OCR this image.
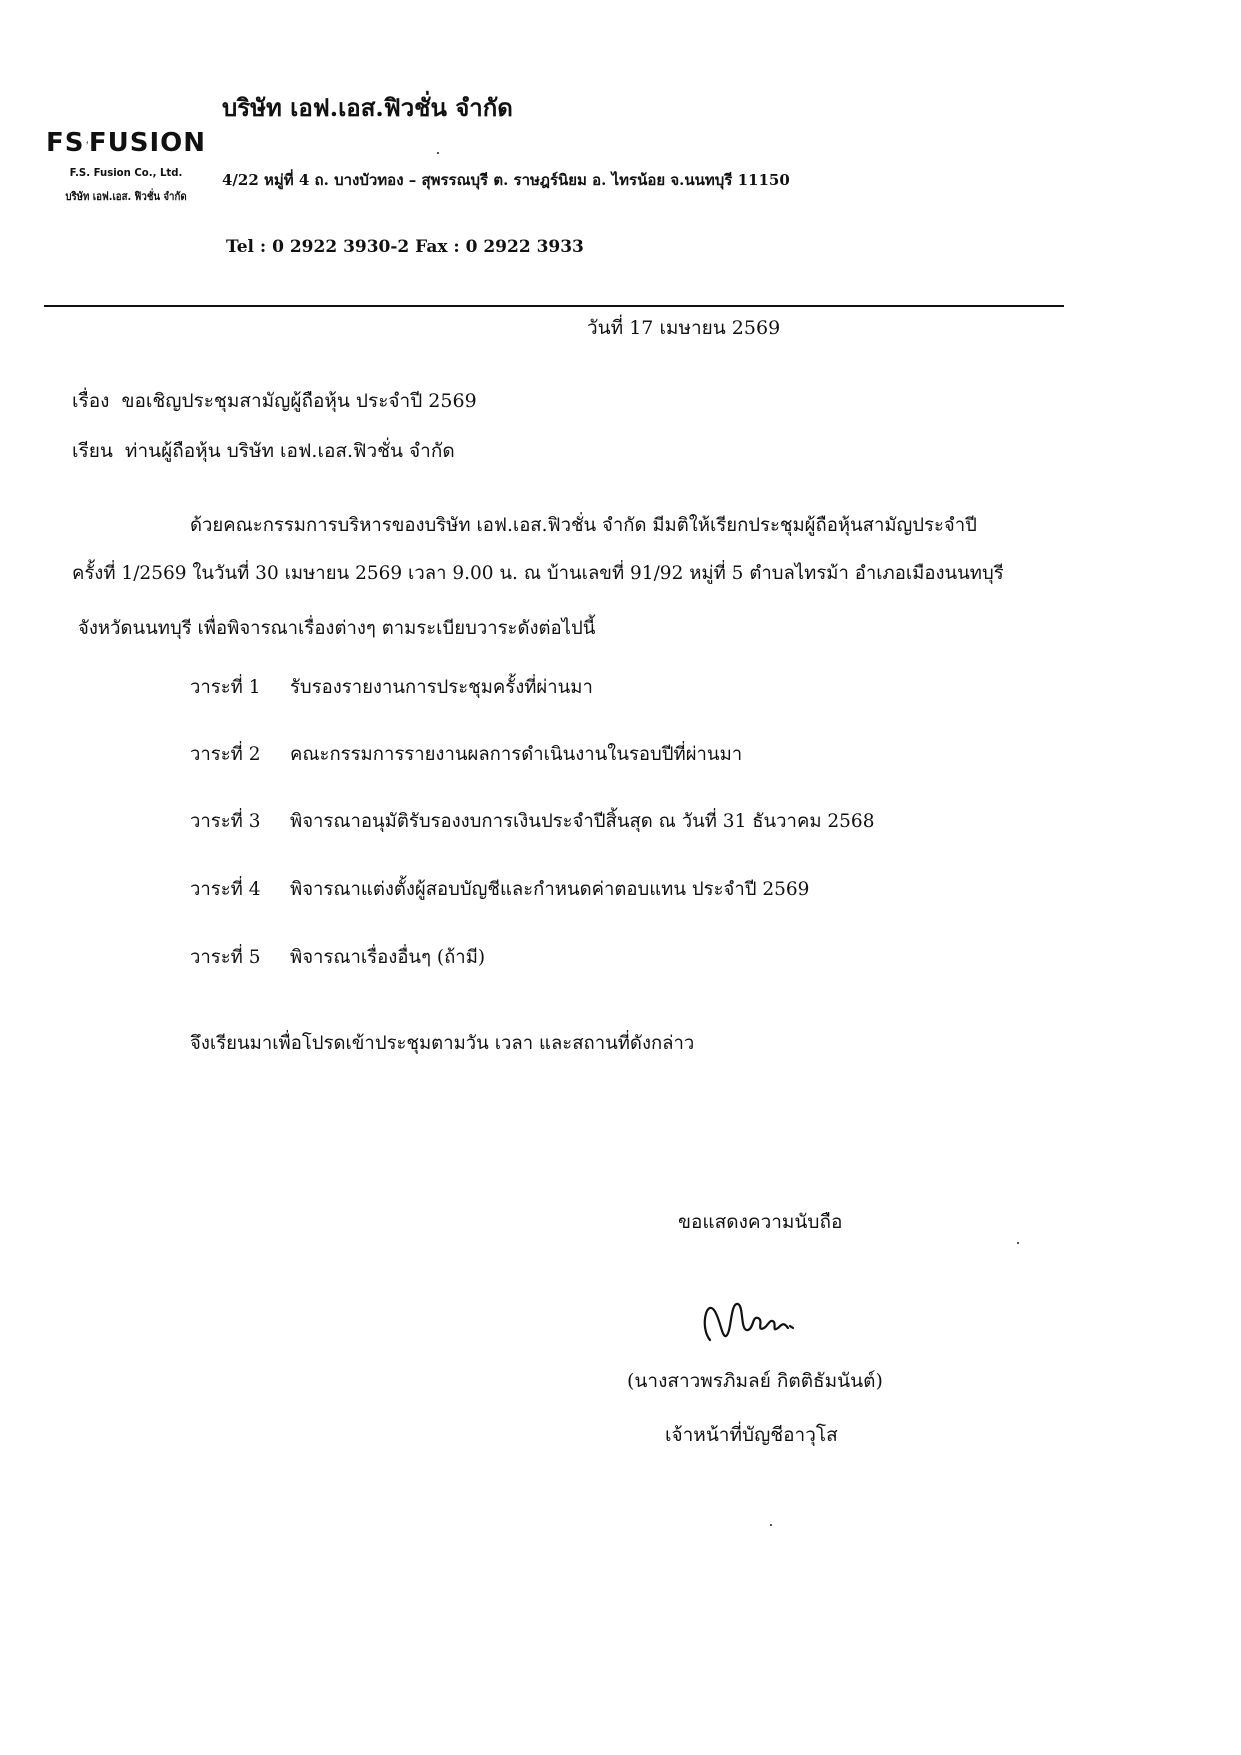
FS FUSION
F.S. Fusion Co., Ltd.
บริษัท เอฟ.เอส. ฟิวชั่น จำกัด
บริษัท เอฟ.เอส.ฟิวชั่น จำกัด
4/22 หมู่ที่ 4 ถ. บางบัวทอง – สุพรรณบุรี ต. ราษฎร์นิยม อ. ไทรน้อย จ.นนทบุรี 11150
Tel : 0 2922 3930-2 Fax : 0 2922 3933
วันที่ 17 เมษายน 2569
เรื่อง ขอเชิญประชุมสามัญผู้ถือหุ้น ประจำปี 2569
เรียน ท่านผู้ถือหุ้น บริษัท เอฟ.เอส.ฟิวชั่น จำกัด
ด้วยคณะกรรมการบริหารของบริษัท เอฟ.เอส.ฟิวชั่น จำกัด มีมติให้เรียกประชุมผู้ถือหุ้นสามัญประจำปี
ครั้งที่ 1/2569 ในวันที่ 30 เมษายน 2569 เวลา 9.00 น. ณ บ้านเลขที่ 91/92 หมู่ที่ 5 ตำบลไทรม้า อำเภอเมืองนนทบุรี
จังหวัดนนทบุรี เพื่อพิจารณาเรื่องต่างๆ ตามระเบียบวาระดังต่อไปนี้
วาระที่ 1 รับรองรายงานการประชุมครั้งที่ผ่านมา
วาระที่ 2 คณะกรรมการรายงานผลการดำเนินงานในรอบปีที่ผ่านมา
วาระที่ 3 พิจารณาอนุมัติรับรองงบการเงินประจำปีสิ้นสุด ณ วันที่ 31 ธันวาคม 2568
วาระที่ 4 พิจารณาแต่งตั้งผู้สอบบัญชีและกำหนดค่าตอบแทน ประจำปี 2569
วาระที่ 5 พิจารณาเรื่องอื่นๆ (ถ้ามี)
จึงเรียนมาเพื่อโปรดเข้าประชุมตามวัน เวลา และสถานที่ดังกล่าว
ขอแสดงความนับถือ
(นางสาวพรภิมลย์ กิตติธัมนันต์)
เจ้าหน้าที่บัญชีอาวุโส
